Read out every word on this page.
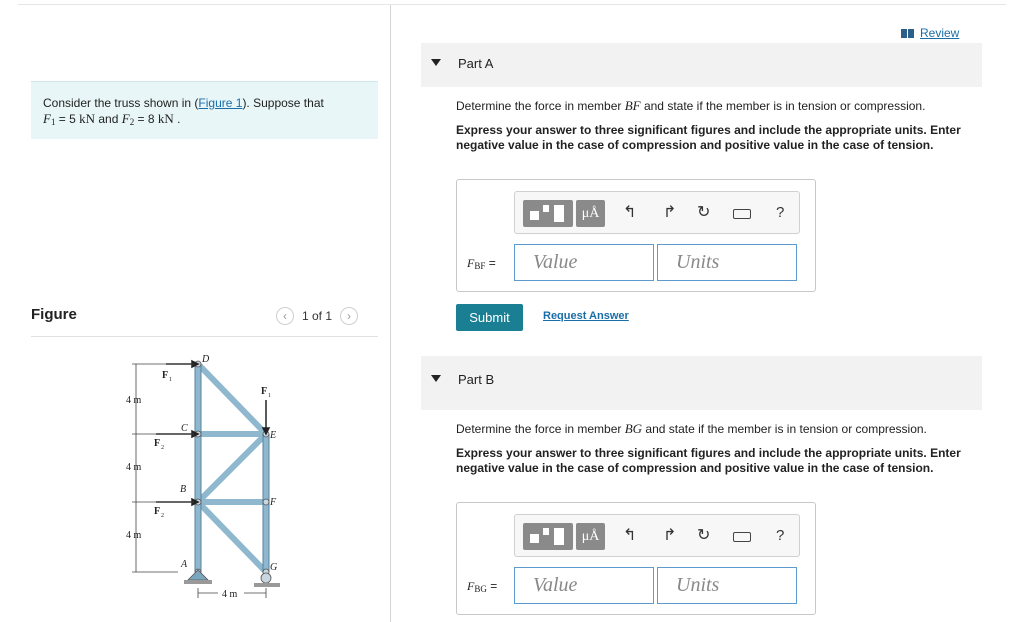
Consider the truss shown in (Figure 1). Suppose that
$F_1 = 5$ kN and $F_2 = 8$ kN .
Figure	‹	1 of 1	›
D
C
E
B
F
A	G
F 1
F 1
F 2
F 2
4 m
4 m
4 m
4 m
Review
Part A
Determine the force in member BF and state if the member is in tension or compression.
Express your answer to three significant figures and include the appropriate units. Enter negative value in the case of compression and positive value in the case of tension.
μÅ	↰ ↱ ↻	?
$F_{BF}$ =	Value	Units
Submit	Request Answer
Part B
Determine the force in member BG and state if the member is in tension or compression.
Express your answer to three significant figures and include the appropriate units. Enter negative value in the case of compression and positive value in the case of tension.
μÅ	↰ ↱ ↻	?
$F_{BG}$ =	Value	Units
